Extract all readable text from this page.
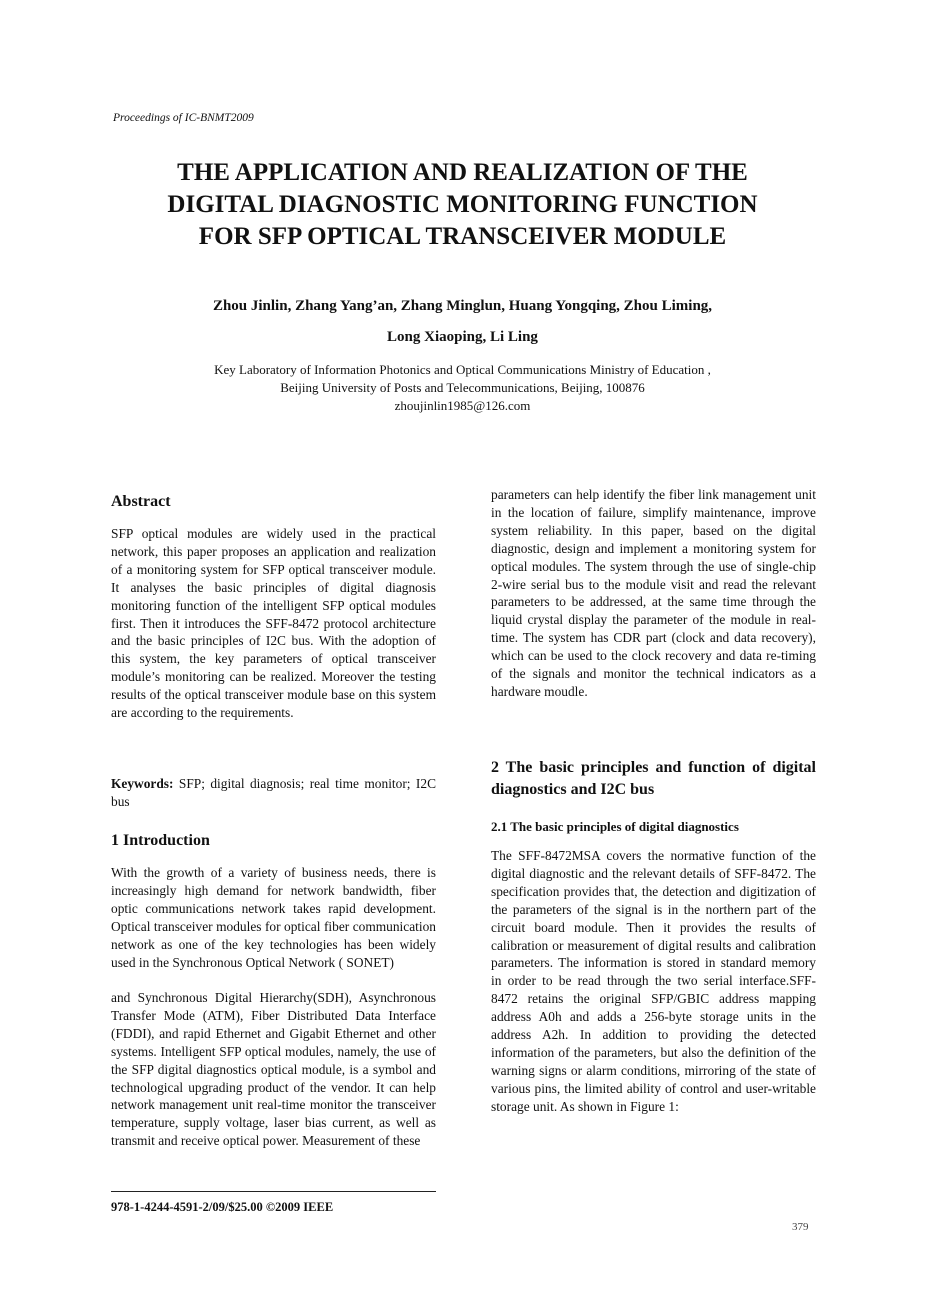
Proceedings of IC-BNMT2009
THE APPLICATION AND REALIZATION OF THE
DIGITAL DIAGNOSTIC MONITORING FUNCTION
FOR SFP OPTICAL TRANSCEIVER MODULE
Zhou Jinlin, Zhang Yang’an, Zhang Minglun, Huang Yongqing, Zhou Liming,
Long Xiaoping, Li Ling
Key Laboratory of Information Photonics and Optical Communications Ministry of Education ,
Beijing University of Posts and Telecommunications, Beijing, 100876
zhoujinlin1985@126.com

Abstract

SFP optical modules are widely used in the practical network, this paper proposes an application and realization of a monitoring system for SFP optical transceiver module. It analyses the basic principles of digital diagnosis monitoring function of the intelligent SFP optical modules first. Then it introduces the SFF-8472 protocol architecture and the basic principles of I2C bus. With the adoption of this system, the key parameters of optical transceiver module’s monitoring can be realized. Moreover the testing results of the optical transceiver module base on this system are according to the requirements.

Keywords: SFP; digital diagnosis; real time monitor; I2C bus

1 Introduction

With the growth of a variety of business needs, there is increasingly high demand for network bandwidth, fiber optic communications network takes rapid development. Optical transceiver modules for optical fiber communication network as one of the key technologies has been widely used in the Synchronous Optical Network ( SONET)

and Synchronous Digital Hierarchy(SDH), Asynchronous Transfer Mode (ATM), Fiber Distributed Data Interface (FDDI), and rapid Ethernet and Gigabit Ethernet and other systems. Intelligent SFP optical modules, namely, the use of the SFP digital diagnostics optical module, is a symbol and technological upgrading product of the vendor. It can help network management unit real-time monitor the transceiver temperature, supply voltage, laser bias current, as well as transmit and receive optical power. Measurement of these

parameters can help identify the fiber link management unit in the location of failure, simplify maintenance, improve system reliability. In this paper, based on the digital diagnostic, design and implement a monitoring system for optical modules. The system through the use of single-chip 2-wire serial bus to the module visit and read the relevant parameters to be addressed, at the same time through the liquid crystal display the parameter of the module in real-time. The system has CDR part (clock and data recovery), which can be used to the clock recovery and data re-timing of the signals and monitor the technical indicators as a hardware moudle.

2 The basic principles and function of digital diagnostics and I2C bus

2.1 The basic principles of digital diagnostics

The SFF-8472MSA covers the normative function of the digital diagnostic and the relevant details of SFF-8472. The specification provides that, the detection and digitization of the parameters of the signal is in the northern part of the circuit board module. Then it provides the results of calibration or measurement of digital results and calibration parameters. The information is stored in standard memory in order to be read through the two serial interface.SFF-8472 retains the original SFP/GBIC address mapping address A0h and adds a 256-byte storage units in the address A2h. In addition to providing the detected information of the parameters, but also the definition of the warning signs or alarm conditions, mirroring of the state of various pins, the limited ability of control and user-writable storage unit. As shown in Figure 1:

978-1-4244-4591-2/09/$25.00 ©2009 IEEE
379
